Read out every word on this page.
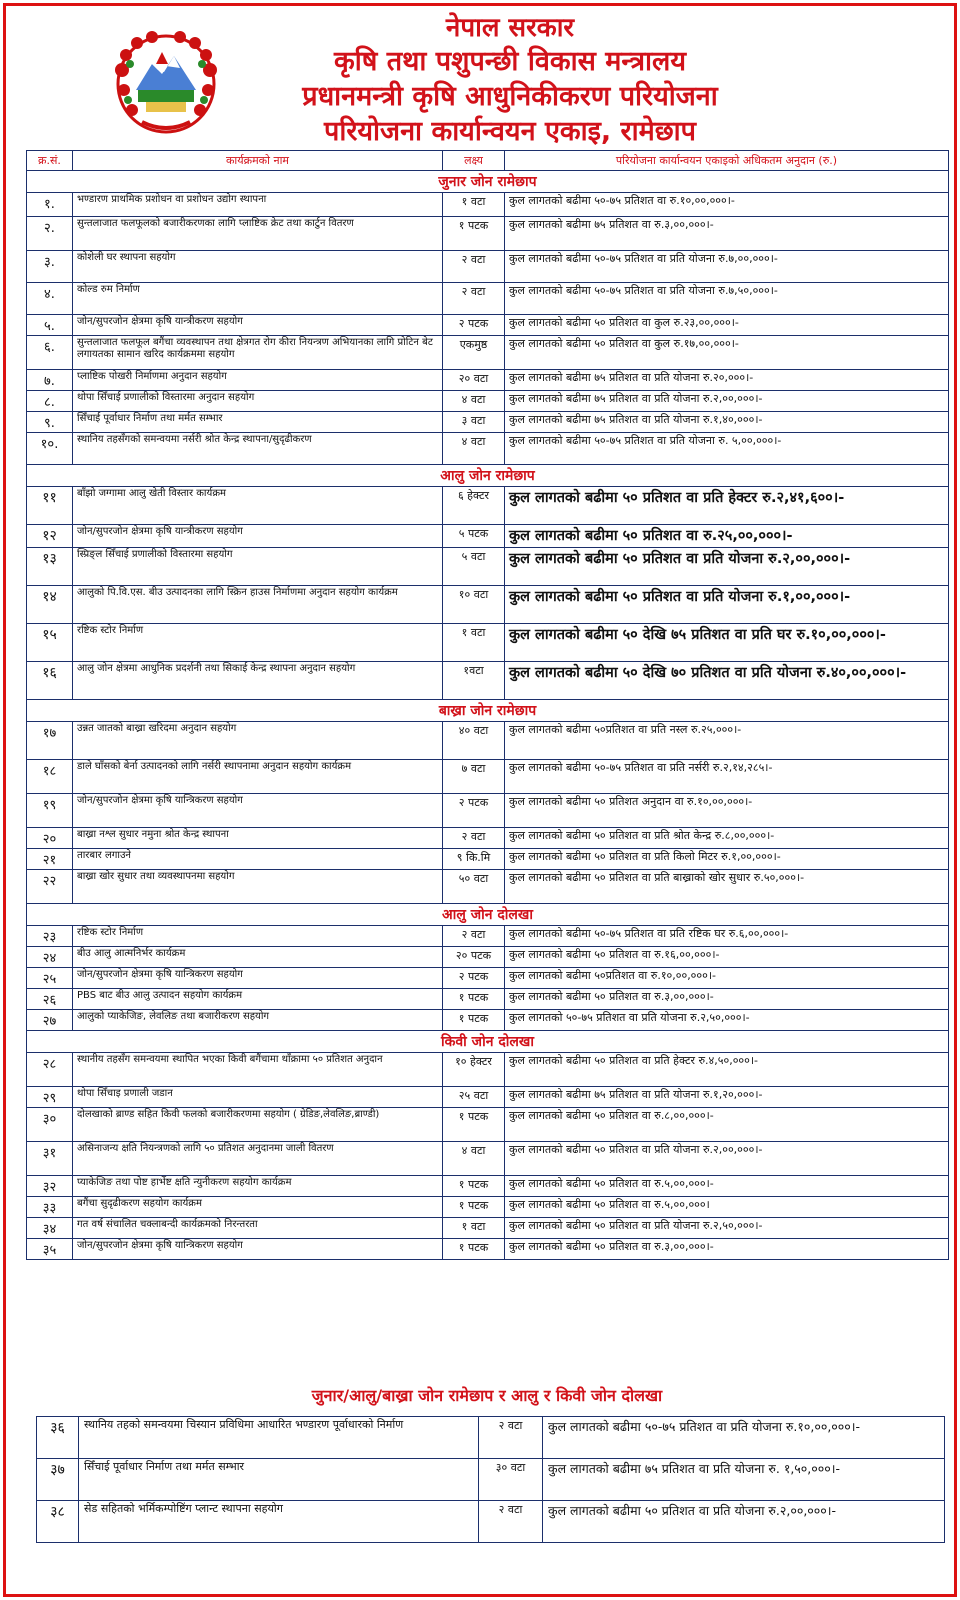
नेपाल सरकार
कृषि तथा पशुपन्छी विकास मन्त्रालय
प्रधानमन्त्री कृषि आधुनिकीकरण परियोजना
परियोजना कार्यान्वयन एकाइ, रामेछाप
क्र.सं.	कार्यक्रमको नाम	लक्ष्य	परियोजना कार्यान्वयन एकाइको अधिकतम अनुदान (रु.)
जुनार जोन रामेछाप			
१.	भण्डारण प्राथमिक प्रशोधन वा प्रशोधन उद्योग स्थापना	१ वटा	कुल लागतको बढीमा ५०-७५ प्रतिशत वा रु.१०,००,०००।-
२.	सुन्तलाजात फलफूलको बजारीकरणका लागि प्लाष्टिक क्रेट तथा कार्टुन वितरण	१ पटक	कुल लागतको बढीमा ७५ प्रतिशत वा रु.३,००,०००।-
३.	कोशेली घर स्थापना सहयोग	२ वटा	कुल लागतको बढीमा ५०-७५ प्रतिशत वा प्रति योजना रु.७,००,०००।-
४.	कोल्ड रुम निर्माण	२ वटा	कुल लागतको बढीमा ५०-७५ प्रतिशत वा प्रति योजना रु.७,५०,०००।-
५.	जोन/सुपरजोन क्षेत्रमा कृषि यान्त्रीकरण सहयोग	२ पटक	कुल लागतको बढीमा ५० प्रतिशत वा कुल रु.२३,००,०००।-
६.	सुन्तलाजात फलफूल बगैंचा व्यवस्थापन तथा क्षेत्रगत रोग कीरा नियन्त्रण अभियानका लागि प्रोटिन बेट लगायतका सामान खरिद कार्यक्रममा सहयोग	एकमुष्ठ	कुल लागतको बढीमा ५० प्रतिशत वा कुल रु.१७,००,०००।-
७.	प्लाष्टिक पोखरी निर्माणमा अनुदान सहयोग	२० वटा	कुल लागतको बढीमा ७५ प्रतिशत वा प्रति योजना रु.२०,०००।-
८.	थोपा सिँचाई प्रणालीको विस्तारमा अनुदान सहयोग	४ वटा	कुल लागतको बढीमा ७५ प्रतिशत वा प्रति योजना रु.२,००,०००।-
९.	सिँचाई पूर्वाधार निर्माण तथा मर्मत सम्भार	३ वटा	कुल लागतको बढीमा ७५ प्रतिशत वा प्रति योजना रु.१,४०,०००।-
१०.	स्थानिय तहसँगको समन्वयमा नर्सरी श्रोत केन्द्र स्थापना/सुदृढीकरण	४ वटा	कुल लागतको बढीमा ५०-७५ प्रतिशत वा प्रति योजना रु. ५,००,०००।-
आलु जोन रामेछाप			
११	बाँझो जग्गामा आलु खेती विस्तार कार्यक्रम	६ हेक्टर	कुल लागतको बढीमा ५० प्रतिशत वा प्रति हेक्टर रु.२,४१,६००।-
१२	जोन/सुपरजोन क्षेत्रमा कृषि यान्त्रीकरण सहयोग	५ पटक	कुल लागतको बढीमा ५० प्रतिशत वा रु.२५,००,०००।-
१३	स्प्रिङ्ल सिँचाई प्रणालीको विस्तारमा सहयोग	५ वटा	कुल लागतको बढीमा ५० प्रतिशत वा प्रति योजना रु.२,००,०००।-
१४	आलुको पि.वि.एस. बीउ उत्पादनका लागि स्क्रिन हाउस निर्माणमा अनुदान सहयोग कार्यक्रम	१० वटा	कुल लागतको बढीमा ५० प्रतिशत वा प्रति योजना रु.१,००,०००।-
१५	रष्टिक स्टोर निर्माण	१ वटा	कुल लागतको बढीमा ५० देखि ७५ प्रतिशत वा प्रति घर रु.१०,००,०००।-
१६	आलु जोन क्षेत्रमा आधुनिक प्रदर्शनी तथा सिकाई केन्द्र स्थापना अनुदान सहयोग	१वटा	कुल लागतको बढीमा ५० देखि ७० प्रतिशत वा प्रति योजना रु.४०,००,०००।-
बाख्रा जोन रामेछाप			
१७	उन्नत जातको बाख्रा खरिदमा अनुदान सहयोग	४० वटा	कुल लागतको बढीमा ५०प्रतिशत वा प्रति नस्ल रु.२५,०००।-
१८	डाले घाँसको बेर्ना उत्पादनको लागि नर्सरी स्थापनामा अनुदान सहयोग कार्यक्रम	७ वटा	कुल लागतको बढीमा ५०-७५ प्रतिशत वा प्रति नर्सरी रु.२,१४,२८५।-
१९	जोन/सुपरजोन क्षेत्रमा कृषि यान्त्रिकरण सहयोग	२ पटक	कुल लागतको बढीमा ५० प्रतिशत अनुदान वा रु.१०,००,०००।-
२०	बाख्रा नश्ल सुधार नमुना श्रोत केन्द्र स्थापना	२ वटा	कुल लागतको बढीमा ५० प्रतिशत वा प्रति श्रोत केन्द्र रु.८,००,०००।-
२१	तारबार लगाउने	९ कि.मि	कुल लागतको बढीमा ५० प्रतिशत वा प्रति किलो मिटर रु.१,००,०००।-
२२	बाख्रा खोर सुधार तथा व्यवस्थापनमा सहयोग	५० वटा	कुल लागतको बढीमा ५० प्रतिशत वा प्रति बाख्राको खोर सुधार रु.५०,०००।-
आलु जोन दोलखा			
२३	रष्टिक स्टोर निर्माण	२ वटा	कुल लागतको बढीमा ५०-७५ प्रतिशत वा प्रति रष्टिक घर रु.६,००,०००।-
२४	बीउ आलु आत्मनिर्भर कार्यक्रम	२० पटक	कुल लागतको बढीमा ५० प्रतिशत वा रु.१६,००,०००।-
२५	जोन/सुपरजोन क्षेत्रमा कृषि यान्त्रिकरण सहयोग	२ पटक	कुल लागतको बढीमा ५०प्रतिशत वा रु.१०,००,०००।-
२६	PBS बाट बीउ आलु उत्पादन सहयोग कार्यक्रम	१ पटक	कुल लागतको बढीमा ५० प्रतिशत वा रु.३,००,०००।-
२७	आलुको प्याकेजिङ, लेवलिङ तथा बजारीकरण सहयोग	१ पटक	कुल लागतको ५०-७५ प्रतिशत वा प्रति योजना रु.२,५०,०००।-
किवी जोन दोलखा			
२८	स्थानीय तहसँग समन्वयमा स्थापित भएका किवी बगैंचामा थाँक्रामा ५० प्रतिशत अनुदान	१० हेक्टर	कुल लागतको बढीमा ५० प्रतिशत वा प्रति हेक्टर रु.४,५०,०००।-
२९	थोपा सिँचाइ प्रणाली जडान	२५ वटा	कुल लागतको बढीमा ७५ प्रतिशत वा प्रति योजना रु.१,२०,०००।-
३०	दोलखाको ब्राण्ड सहित किवी फलको बजारीकरणमा सहयोग ( ग्रेडिङ,लेवलिङ,ब्राण्डी)	१ पटक	कुल लागतको बढीमा ५० प्रतिशत वा रु.८,००,०००।-
३१	असिनाजन्य क्षति नियन्त्रणको लागि ५० प्रतिशत अनुदानमा जाली वितरण	४ वटा	कुल लागतको बढीमा ५० प्रतिशत वा प्रति योजना रु.२,००,०००।-
३२	प्याकेजिङ तथा पोष्ट हार्भेष्ट क्षति न्युनीकरण सहयोग कार्यक्रम	१ पटक	कुल लागतको बढीमा ५० प्रतिशत वा रु.५,००,०००।-
३३	बगैंचा सुदृढीकरण सहयोग कार्यक्रम	१ पटक	कुल लागतको बढीमा ५० प्रतिशत वा रु.५,००,०००।
३४	गत वर्ष संचालित चक्लाबन्दी कार्यक्रमको निरन्तरता	१ वटा	कुल लागतको बढीमा ५० प्रतिशत वा प्रति योजना रु.२,५०,०००।-
३५	जोन/सुपरजोन क्षेत्रमा कृषि यान्त्रिकरण सहयोग	१ पटक	कुल लागतको बढीमा ५० प्रतिशत वा रु.३,००,०००।-
जुनार/आलु/बाख्रा जोन रामेछाप र आलु र किवी जोन दोलखा
३६	स्थानिय तहको समन्वयमा चिस्यान प्रविधिमा आधारित भण्डारण पूर्वाधारको निर्माण	२ वटा	कुल लागतको बढीमा ५०-७५ प्रतिशत वा प्रति योजना रु.१०,००,०००।-
३७	सिँचाई पूर्वाधार निर्माण तथा मर्मत सम्भार	३० वटा	कुल लागतको बढीमा ७५ प्रतिशत वा प्रति योजना रु. १,५०,०००।-
३८	सेड सहितको भर्मिकम्पोष्टिंग प्लान्ट स्थापना सहयोग	२ वटा	कुल लागतको बढीमा ५० प्रतिशत वा प्रति योजना रु.२,००,०००।-
